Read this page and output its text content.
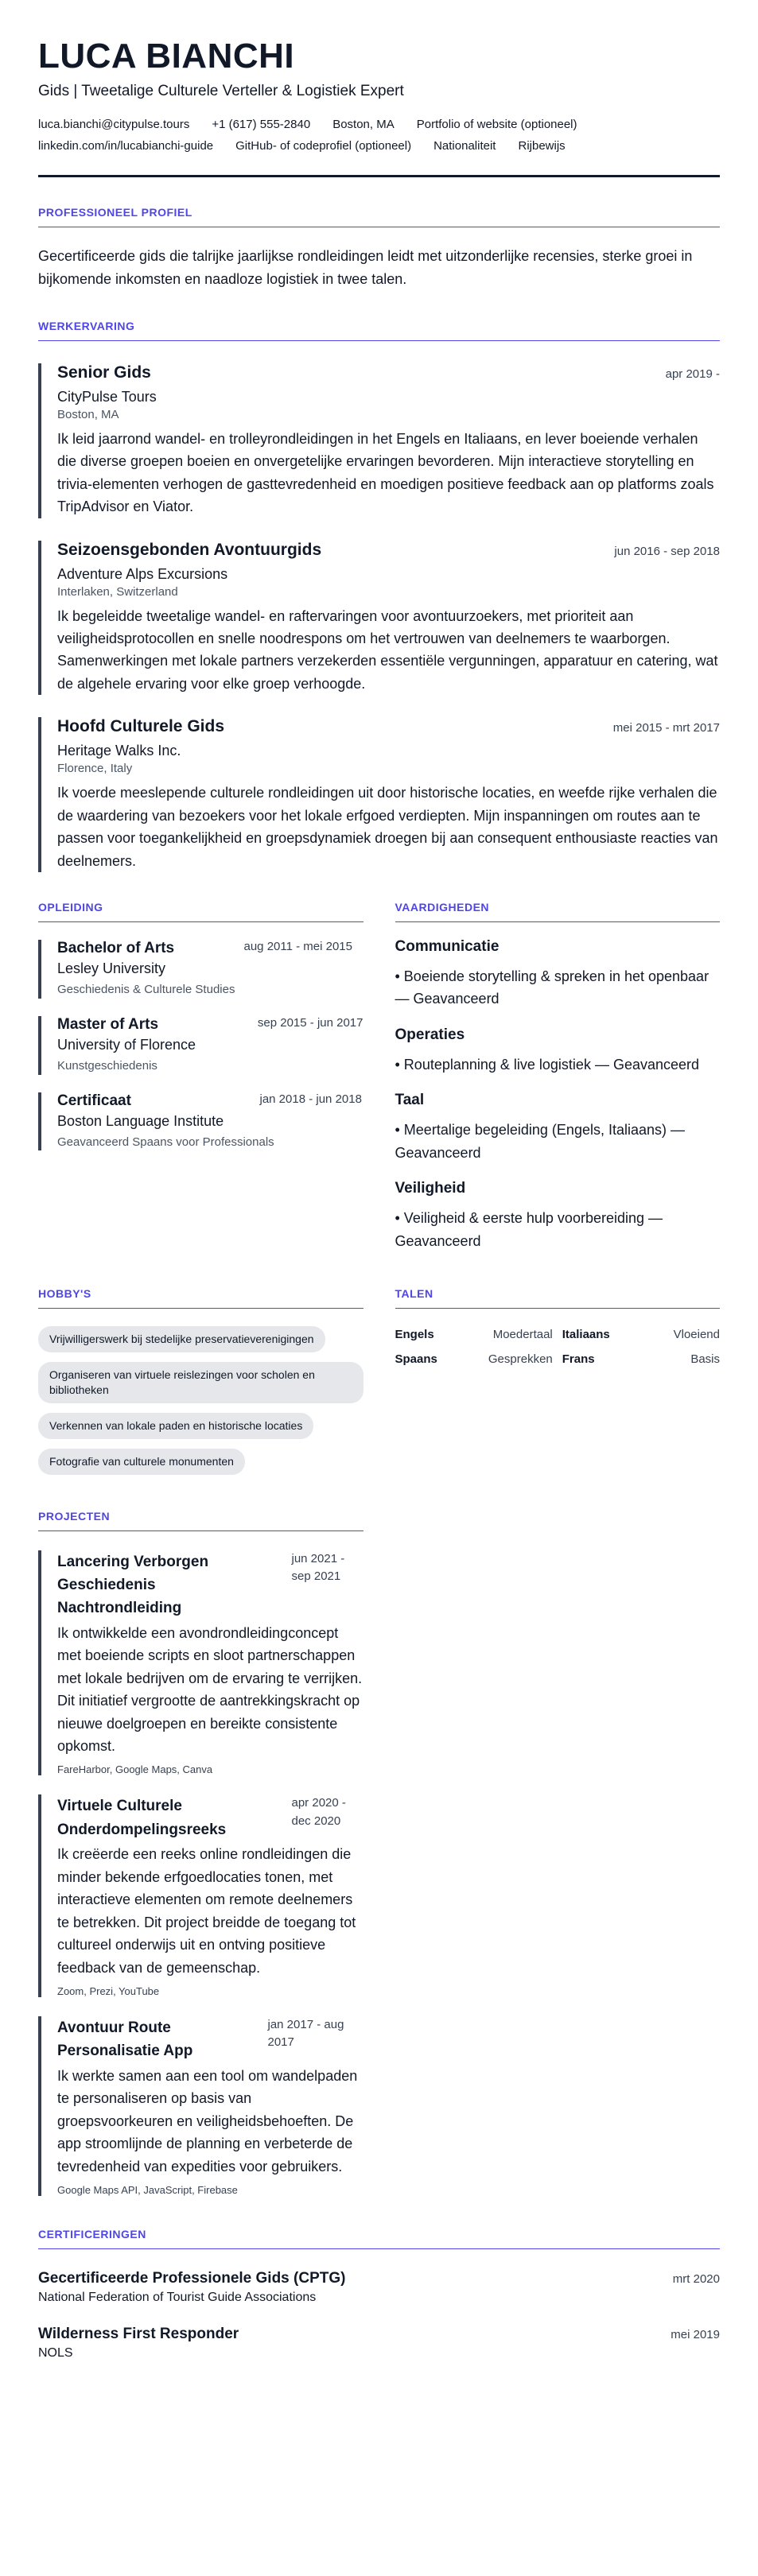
LUCA BIANCHI
Gids | Tweetalige Culturele Verteller & Logistiek Expert
luca.bianchi@citypulse.tours +1 (617) 555-2840 Boston, MA Portfolio of website (optioneel)
linkedin.com/in/lucabianchi-guide GitHub- of codeprofiel (optioneel) Nationaliteit Rijbewijs
PROFESSIONEEL PROFIEL

Gecertificeerde gids die talrijke jaarlijkse rondleidingen leidt met uitzonderlijke recensies, sterke groei in bijkomende inkomsten en naadloze logistiek in twee talen.

WERKERVARING
Senior Gids	apr 2019 -
CityPulse Tours
Boston, MA

Ik leid jaarrond wandel- en trolleyrondleidingen in het Engels en Italiaans, en lever boeiende verhalen die diverse groepen boeien en onvergetelijke ervaringen bevorderen. Mijn interactieve storytelling en trivia-elementen verhogen de gasttevredenheid en moedigen positieve feedback aan op platforms zoals TripAdvisor en Viator.

Seizoensgebonden Avontuurgids	jun 2016 - sep 2018
Adventure Alps Excursions
Interlaken, Switzerland

Ik begeleidde tweetalige wandel- en raftervaringen voor avontuurzoekers, met prioriteit aan veiligheidsprotocollen en snelle noodrespons om het vertrouwen van deelnemers te waarborgen. Samenwerkingen met lokale partners verzekerden essentiële vergunningen, apparatuur en catering, wat de algehele ervaring voor elke groep verhoogde.

Hoofd Culturele Gids	mei 2015 - mrt 2017
Heritage Walks Inc.
Florence, Italy

Ik voerde meeslepende culturele rondleidingen uit door historische locaties, en weefde rijke verhalen die de waardering van bezoekers voor het lokale erfgoed verdiepten. Mijn inspanningen om routes aan te passen voor toegankelijkheid en groepsdynamiek droegen bij aan consequent enthousiaste reacties van deelnemers.

OPLEIDING
Bachelor of Arts
Lesley University
aug 2011 - mei 2015
Geschiedenis & Culturele Studies
Master of Arts
University of Florence
sep 2015 - jun 2017
Kunstgeschiedenis
Certificaat
Boston Language Institute
jan 2018 - jun 2018
Geavanceerd Spaans voor Professionals
VAARDIGHEDEN
Communicatie
• Boeiende storytelling & spreken in het openbaar — Geavanceerd
Operaties
• Routeplanning & live logistiek — Geavanceerd
Taal
• Meertalige begeleiding (Engels, Italiaans) — Geavanceerd
Veiligheid
• Veiligheid & eerste hulp voorbereiding — Geavanceerd
HOBBY'S
Vrijwilligerswerk bij stedelijke preservatieverenigingen
Organiseren van virtuele reislezingen voor scholen en bibliotheken
Verkennen van lokale paden en historische locaties
Fotografie van culturele monumenten
TALEN
Engels	Moedertaal Italiaans	Vloeiend
Spaans	Gesprekken Frans	Basis
PROJECTEN
Lancering Verborgen Geschiedenis Nachtrondleiding
jun 2021 - sep 2021

Ik ontwikkelde een avondrondleidingconcept met boeiende scripts en sloot partnerschappen met lokale bedrijven om de ervaring te verrijken. Dit initiatief vergrootte de aantrekkingskracht op nieuwe doelgroepen en bereikte consistente opkomst.

FareHarbor, Google Maps, Canva
Virtuele Culturele Onderdompelingsreeks
apr 2020 - dec 2020

Ik creëerde een reeks online rondleidingen die minder bekende erfgoedlocaties tonen, met interactieve elementen om remote deelnemers te betrekken. Dit project breidde de toegang tot cultureel onderwijs uit en ontving positieve feedback van de gemeenschap.

Zoom, Prezi, YouTube
Avontuur Route Personalisatie App
jan 2017 - aug 2017

Ik werkte samen aan een tool om wandelpaden te personaliseren op basis van groepsvoorkeuren en veiligheidsbehoeften. De app stroomlijnde de planning en verbeterde de tevredenheid van expedities voor gebruikers.

Google Maps API, JavaScript, Firebase
CERTIFICERINGEN
Gecertificeerde Professionele Gids (CPTG)	mrt 2020
National Federation of Tourist Guide Associations
Wilderness First Responder	mei 2019
NOLS
